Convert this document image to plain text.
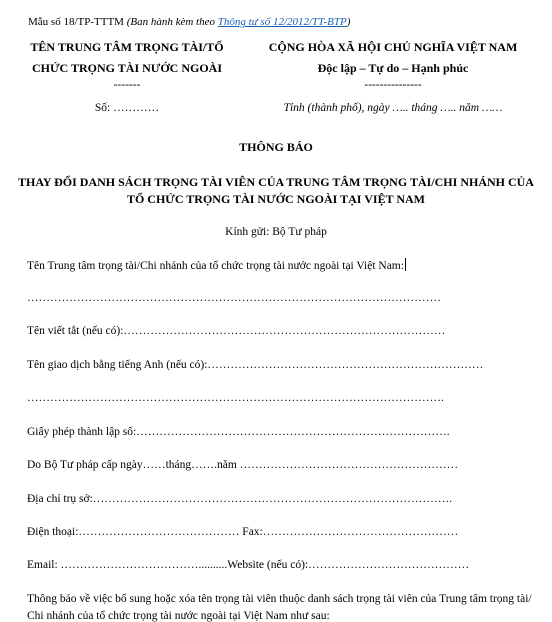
Mẫu số 18/TP-TTTM (Ban hành kèm theo Thông tư số 12/2012/TT-BTP)
TÊN TRUNG TÂM TRỌNG TÀI/TỔ
CHỨC TRỌNG TÀI NƯỚC NGOÀI
-------
Số: …………
CỘNG HÒA XÃ HỘI CHỦ NGHĨA VIỆT NAM
Độc lập – Tự do – Hạnh phúc
---------------
Tỉnh (thành phố), ngày ….. tháng ….. năm ……
THÔNG BÁO
THAY ĐỔI DANH SÁCH TRỌNG TÀI VIÊN CỦA TRUNG TÂM TRỌNG TÀI/CHI NHÁNH CỦA
TỔ CHỨC TRỌNG TÀI NƯỚC NGOÀI TẠI VIỆT NAM
Kính gửi: Bộ Tư pháp
Tên Trung tâm trọng tài/Chi nhánh của tổ chức trọng tài nước ngoài tại Việt Nam:
………………………………………………………………………………………………
Tên viết tắt (nếu có):…………………………………………………………………………
Tên giao dịch bằng tiếng Anh (nếu có):………………………………………………………………
……………………………………………………………………………………………….
Giấy phép thành lập số:……………………………………………………………………….
Do Bộ Tư pháp cấp ngày……tháng…….năm …………………………………………………
Địa chỉ trụ sở:………………………………………………………………………………….
Điện thoại:…………………………………… Fax:……………………………………………
Email: ………………………………..........Website (nếu có):……………………………………
Thông báo về việc bổ sung hoặc xóa tên trọng tài viên thuộc danh sách trọng tài viên của Trung tâm trọng tài/
Chi nhánh của tổ chức trọng tài nước ngoài tại Việt Nam như sau:
